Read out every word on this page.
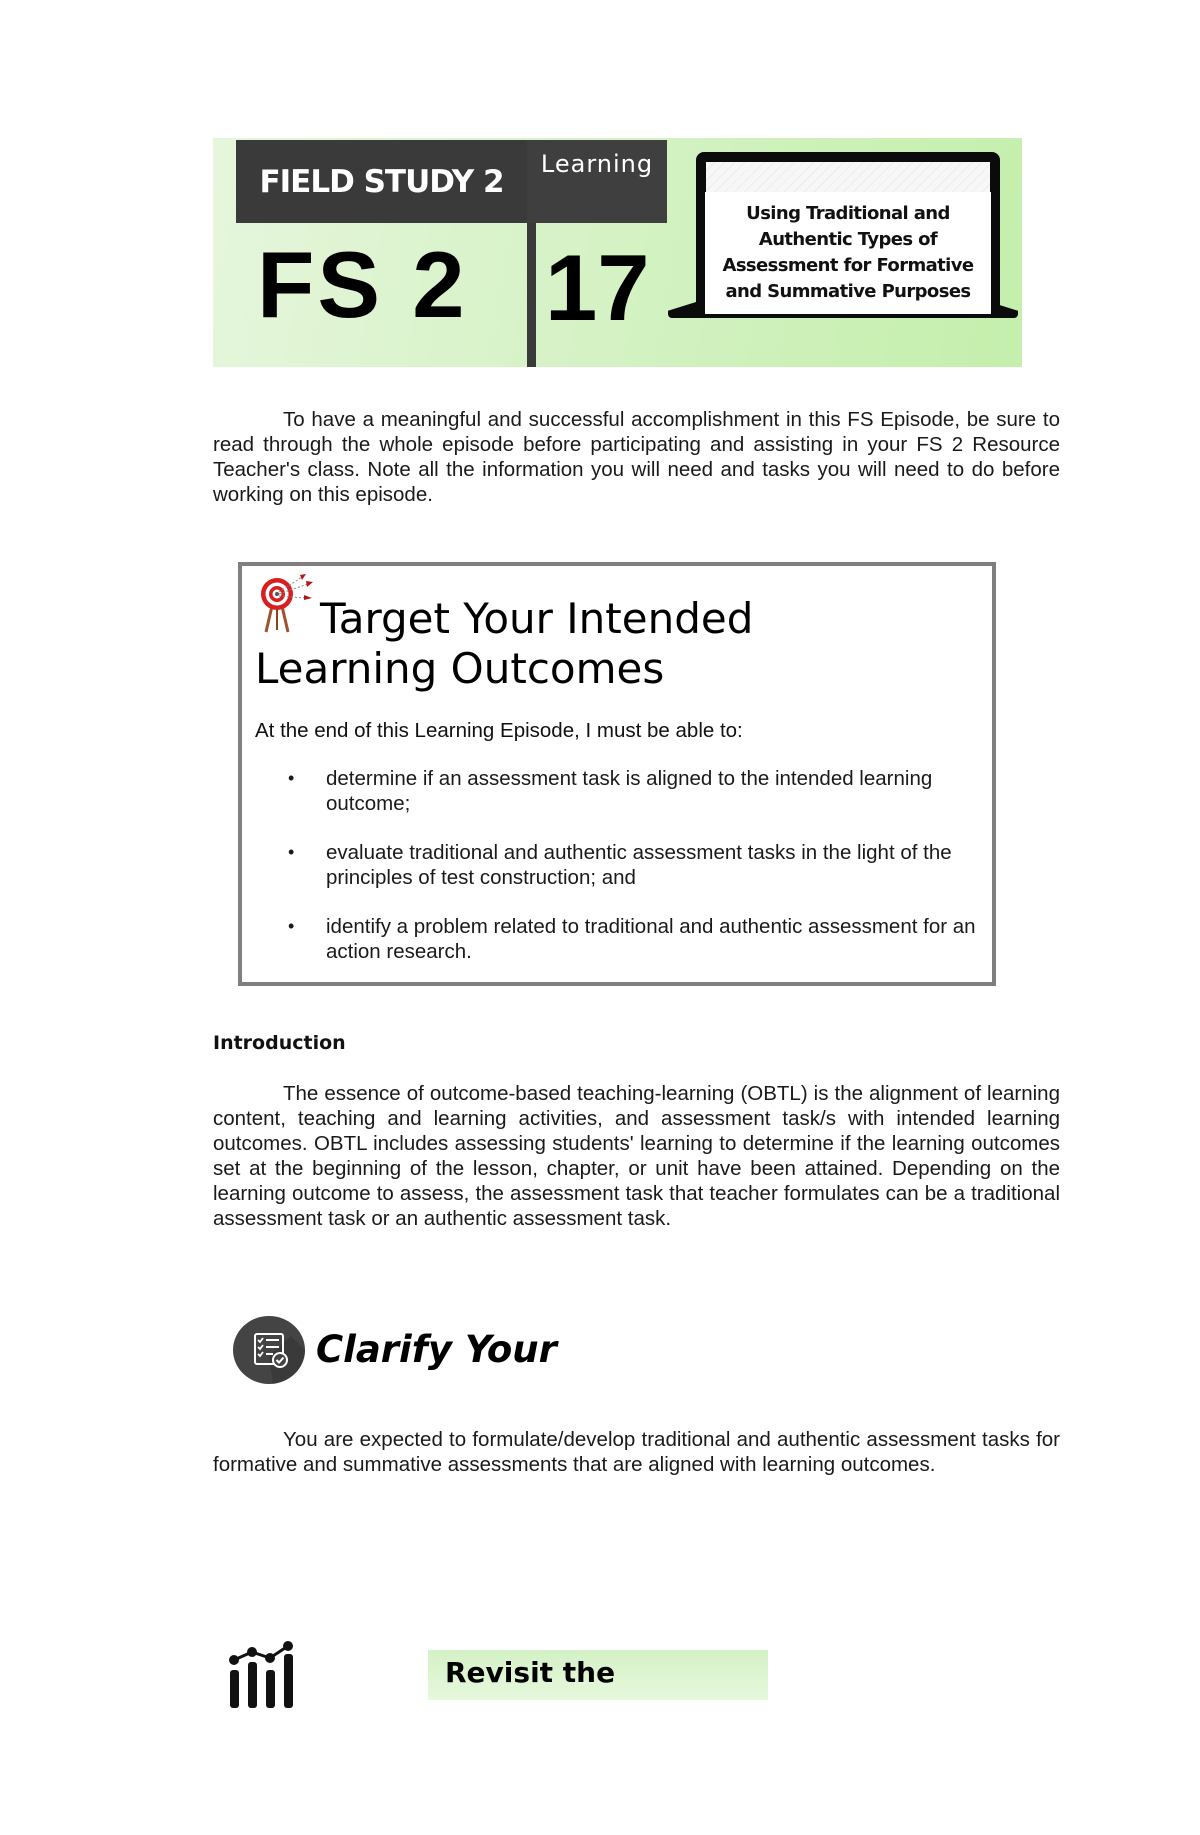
FIELD STUDY 2	Learning
FS 2 17
Using Traditional and Authentic Types of Assessment for Formative and Summative Purposes

To have a meaningful and successful accomplishment in this FS Episode, be sure to read through the whole episode before participating and assisting in your FS 2 Resource Teacher's class. Note all the information you will need and tasks you will need to do before working on this episode.

Target Your Intended
Learning Outcomes
At the end of this Learning Episode, I must be able to:
• determine if an assessment task is aligned to the intended learning outcome;
• evaluate traditional and authentic assessment tasks in the light of the principles of test construction; and
• identify a problem related to traditional and authentic assessment for an action research.
Introduction

The essence of outcome-based teaching-learning (OBTL) is the alignment of learning content, teaching and learning activities, and assessment task/s with intended learning outcomes. OBTL includes assessing students' learning to determine if the learning outcomes set at the beginning of the lesson, chapter, or unit have been attained. Depending on the learning outcome to assess, the assessment task that teacher formulates can be a traditional assessment task or an authentic assessment task.

Clarify Your

You are expected to formulate/develop traditional and authentic assessment tasks for formative and summative assessments that are aligned with learning outcomes.

Revisit the
